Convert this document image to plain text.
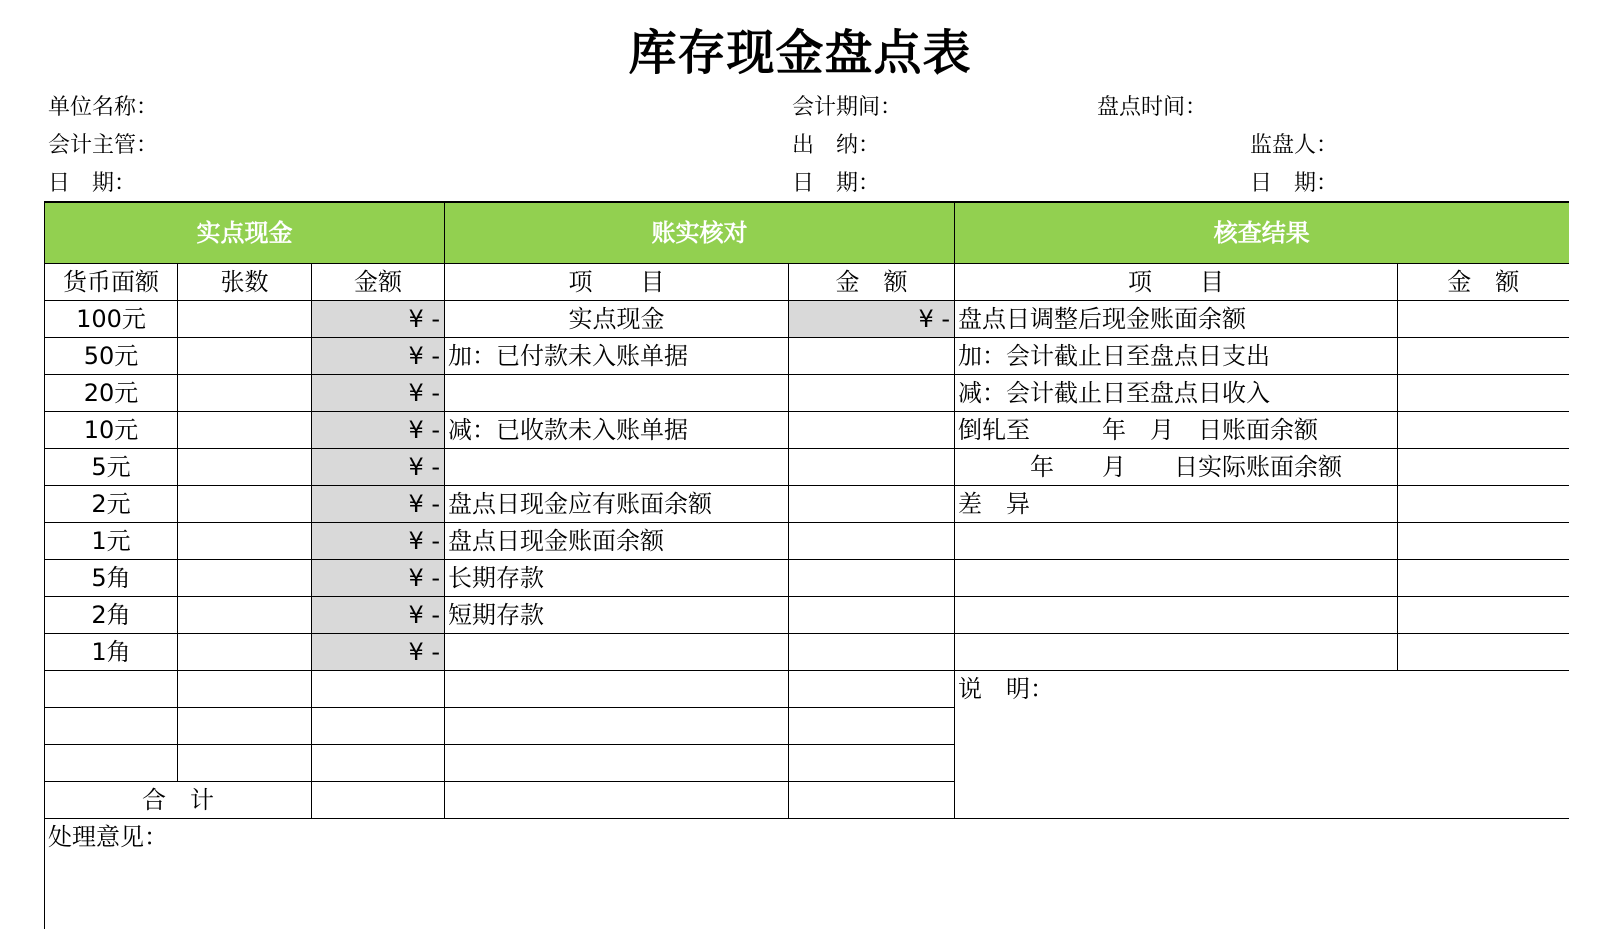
库存现金盘点表
单位名称：	会计期间：	盘点时间：
会计主管：	出　纳：	监盘人：
日　期：	日　期：	日　期：
实点现金			账实核对		核查结果	
货币面额	张数	金额	项　　目	金　额	项　　目	金　额
100元		¥ -	实点现金	¥ -	盘点日调整后现金账面余额	
50元		¥ -	加：已付款未入账单据		加：会计截止日至盘点日支出	
20元		¥ -			减：会计截止日至盘点日收入	
10元		¥ -	减：已收款未入账单据		倒轧至　　　年　月　日账面余额	
5元		¥ -			　　　年　　月　　日实际账面余额	
2元		¥ -	盘点日现金应有账面余额		差　异	
1元		¥ -	盘点日现金账面余额			
5角		¥ -	长期存款			
2角		¥ -	短期存款			
1角		¥ -				
					说　明：	

合　计						
处理意见：						
